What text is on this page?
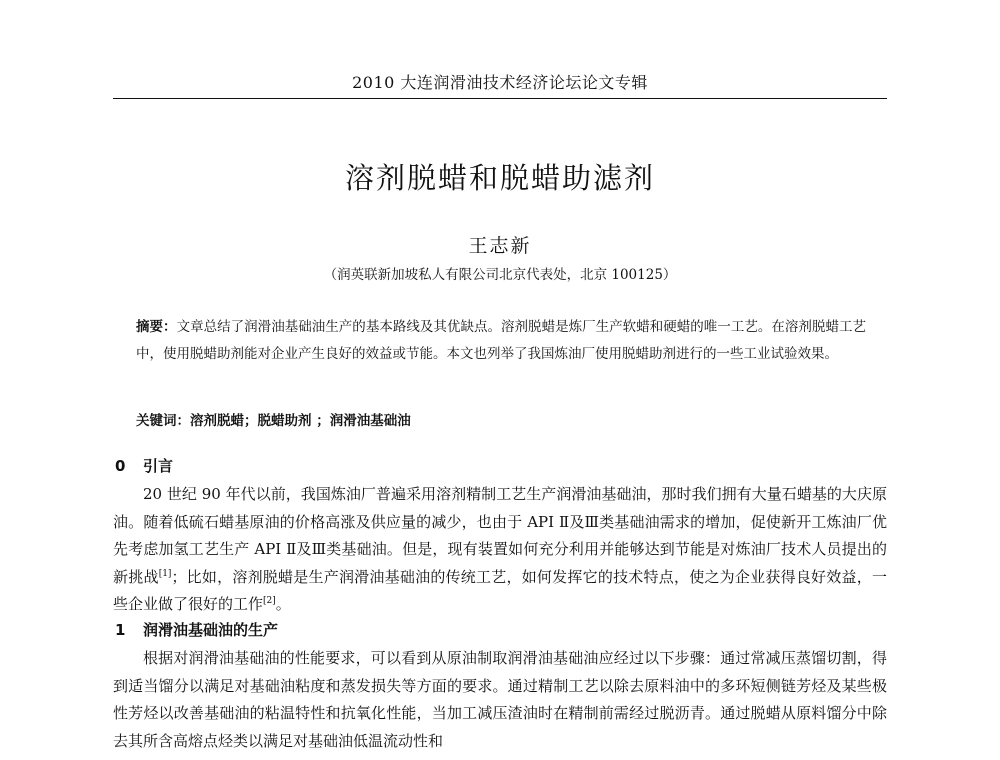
2010 大连润滑油技术经济论坛论文专辑
溶剂脱蜡和脱蜡助滤剂
王志新
（润英联新加坡私人有限公司北京代表处，北京 100125）
摘要：文章总结了润滑油基础油生产的基本路线及其优缺点。溶剂脱蜡是炼厂生产软蜡和硬蜡的唯一工艺。在溶剂脱蜡工艺中，使用脱蜡助剂能对企业产生良好的效益或节能。本文也列举了我国炼油厂使用脱蜡助剂进行的一些工业试验效果。
关键词：溶剂脱蜡；脱蜡助剂 ；润滑油基础油
0 引言
20 世纪 90 年代以前，我国炼油厂普遍采用溶剂精制工艺生产润滑油基础油，那时我们拥有大量石蜡基的大庆原油。随着低硫石蜡基原油的价格高涨及供应量的减少，也由于 API Ⅱ及Ⅲ类基础油需求的增加，促使新开工炼油厂优先考虑加氢工艺生产 API Ⅱ及Ⅲ类基础油。但是，现有装置如何充分利用并能够达到节能是对炼油厂技术人员提出的新挑战[1]；比如，溶剂脱蜡是生产润滑油基础油的传统工艺，如何发挥它的技术特点，使之为企业获得良好效益，一些企业做了很好的工作[2]。
1 润滑油基础油的生产
根据对润滑油基础油的性能要求，可以看到从原油制取润滑油基础油应经过以下步骤：通过常减压蒸馏切割，得到适当馏分以满足对基础油粘度和蒸发损失等方面的要求。通过精制工艺以除去原料油中的多环短侧链芳烃及某些极性芳烃以改善基础油的粘温特性和抗氧化性能，当加工减压渣油时在精制前需经过脱沥青。通过脱蜡从原料馏分中除去其所含高熔点烃类以满足对基础油低温流动性和
